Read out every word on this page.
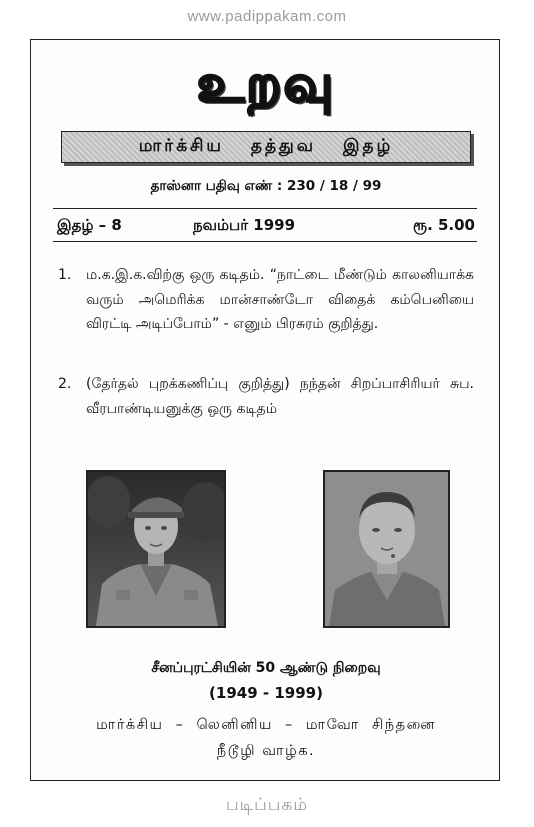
www.padippakam.com
உறவு
மார்க்சிய தத்துவ இதழ்
தாஸ்னா பதிவு எண் : 230 / 18 / 99
இதழ் – 8	நவம்பர் 1999	ரூ. 5.00
1.	ம.க.இ.க.விற்கு ஒரு கடிதம். “நாட்டை மீண்டும் காலனியாக்க வரும் அமெரிக்க மான்சாண்டோ விதைக் கம்பெனியை விரட்டி அடிப்போம்” - எனும் பிரசுரம் குறித்து.
2.	(தேர்தல் புறக்கணிப்பு குறித்து) நந்தன் சிறப்பாசிரியர் சுப. வீரபாண்டியனுக்கு ஒரு கடிதம்
சீனப்புரட்சியின் 50 ஆண்டு நிறைவு
(1949 - 1999)
மார்க்சிய – லெனினிய – மாவோ சிந்தனை
நீடூழி வாழ்க.
படிப்பகம்
